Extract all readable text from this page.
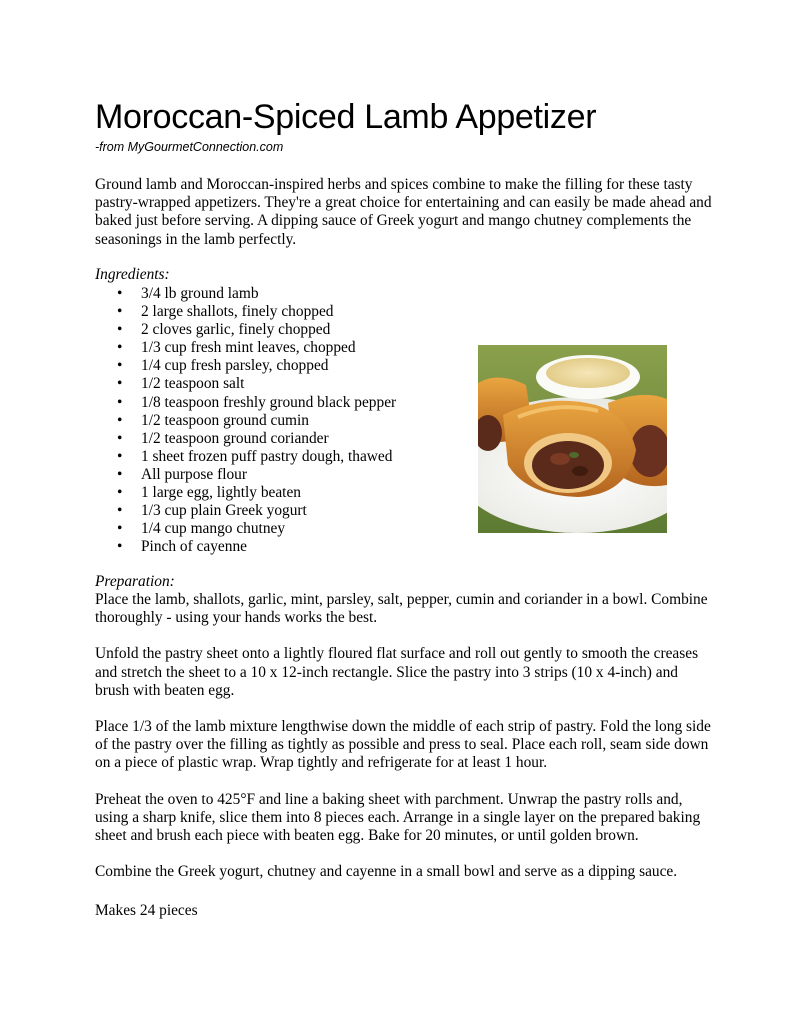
Moroccan-Spiced Lamb Appetizer
-from MyGourmetConnection.com

Ground lamb and Moroccan-inspired herbs and spices combine to make the filling for these tasty pastry-wrapped appetizers. They're a great choice for entertaining and can easily be made ahead and baked just before serving. A dipping sauce of Greek yogurt and mango chutney complements the seasonings in the lamb perfectly.

Ingredients:
• 3/4 lb ground lamb
• 2 large shallots, finely chopped
• 2 cloves garlic, finely chopped
• 1/3 cup fresh mint leaves, chopped
• 1/4 cup fresh parsley, chopped
• 1/2 teaspoon salt
• 1/8 teaspoon freshly ground black pepper
• 1/2 teaspoon ground cumin
• 1/2 teaspoon ground coriander
• 1 sheet frozen puff pastry dough, thawed
• All purpose flour
• 1 large egg, lightly beaten
• 1/3 cup plain Greek yogurt
• 1/4 cup mango chutney
• Pinch of cayenne
Preparation:

Place the lamb, shallots, garlic, mint, parsley, salt, pepper, cumin and coriander in a bowl. Combine thoroughly - using your hands works the best.

Unfold the pastry sheet onto a lightly floured flat surface and roll out gently to smooth the creases and stretch the sheet to a 10 x 12-inch rectangle. Slice the pastry into 3 strips (10 x 4-inch) and brush with beaten egg.

Place 1/3 of the lamb mixture lengthwise down the middle of each strip of pastry. Fold the long side of the pastry over the filling as tightly as possible and press to seal. Place each roll, seam side down on a piece of plastic wrap. Wrap tightly and refrigerate for at least 1 hour.

Preheat the oven to 425°F and line a baking sheet with parchment. Unwrap the pastry rolls and, using a sharp knife, slice them into 8 pieces each. Arrange in a single layer on the prepared baking sheet and brush each piece with beaten egg. Bake for 20 minutes, or until golden brown.

Combine the Greek yogurt, chutney and cayenne in a small bowl and serve as a dipping sauce.

Makes 24 pieces
